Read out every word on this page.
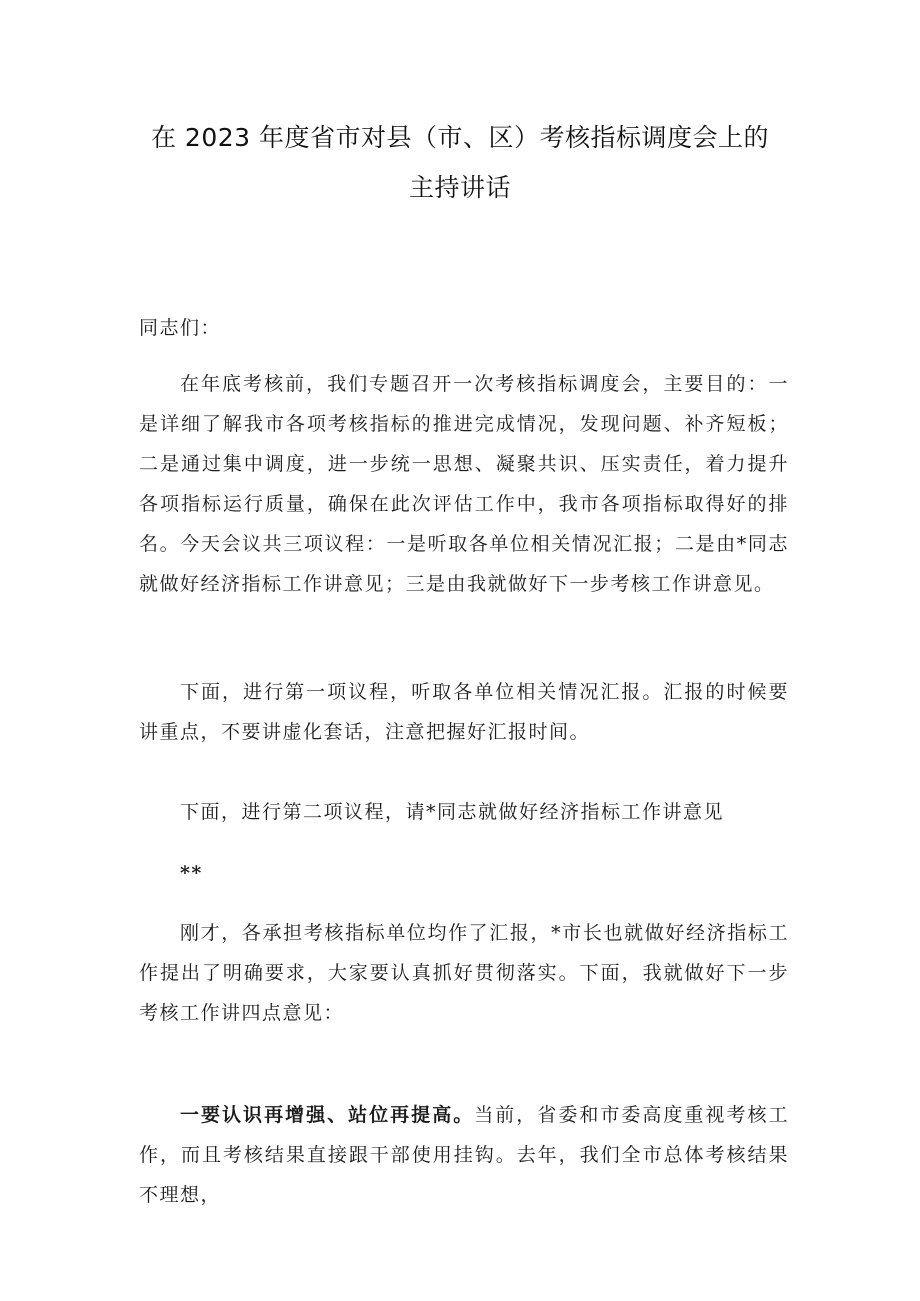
在 2023 年度省市对县（市、区）考核指标调度会上的
主持讲话
同志们：
在年底考核前，我们专题召开一次考核指标调度会，主要目的：一是详细了解我市各项考核指标的推进完成情况，发现问题、补齐短板；二是通过集中调度，进一步统一思想、凝聚共识、压实责任，着力提升各项指标运行质量，确保在此次评估工作中，我市各项指标取得好的排名。今天会议共三项议程：一是听取各单位相关情况汇报；二是由*同志就做好经济指标工作讲意见；三是由我就做好下一步考核工作讲意见。
下面，进行第一项议程，听取各单位相关情况汇报。汇报的时候要讲重点，不要讲虚化套话，注意把握好汇报时间。
下面，进行第二项议程，请*同志就做好经济指标工作讲意见
**
刚才，各承担考核指标单位均作了汇报，*市长也就做好经济指标工作提出了明确要求，大家要认真抓好贯彻落实。下面，我就做好下一步考核工作讲四点意见：
一要认识再增强、站位再提高。当前，省委和市委高度重视考核工作，而且考核结果直接跟干部使用挂钩。去年，我们全市总体考核结果不理想，
